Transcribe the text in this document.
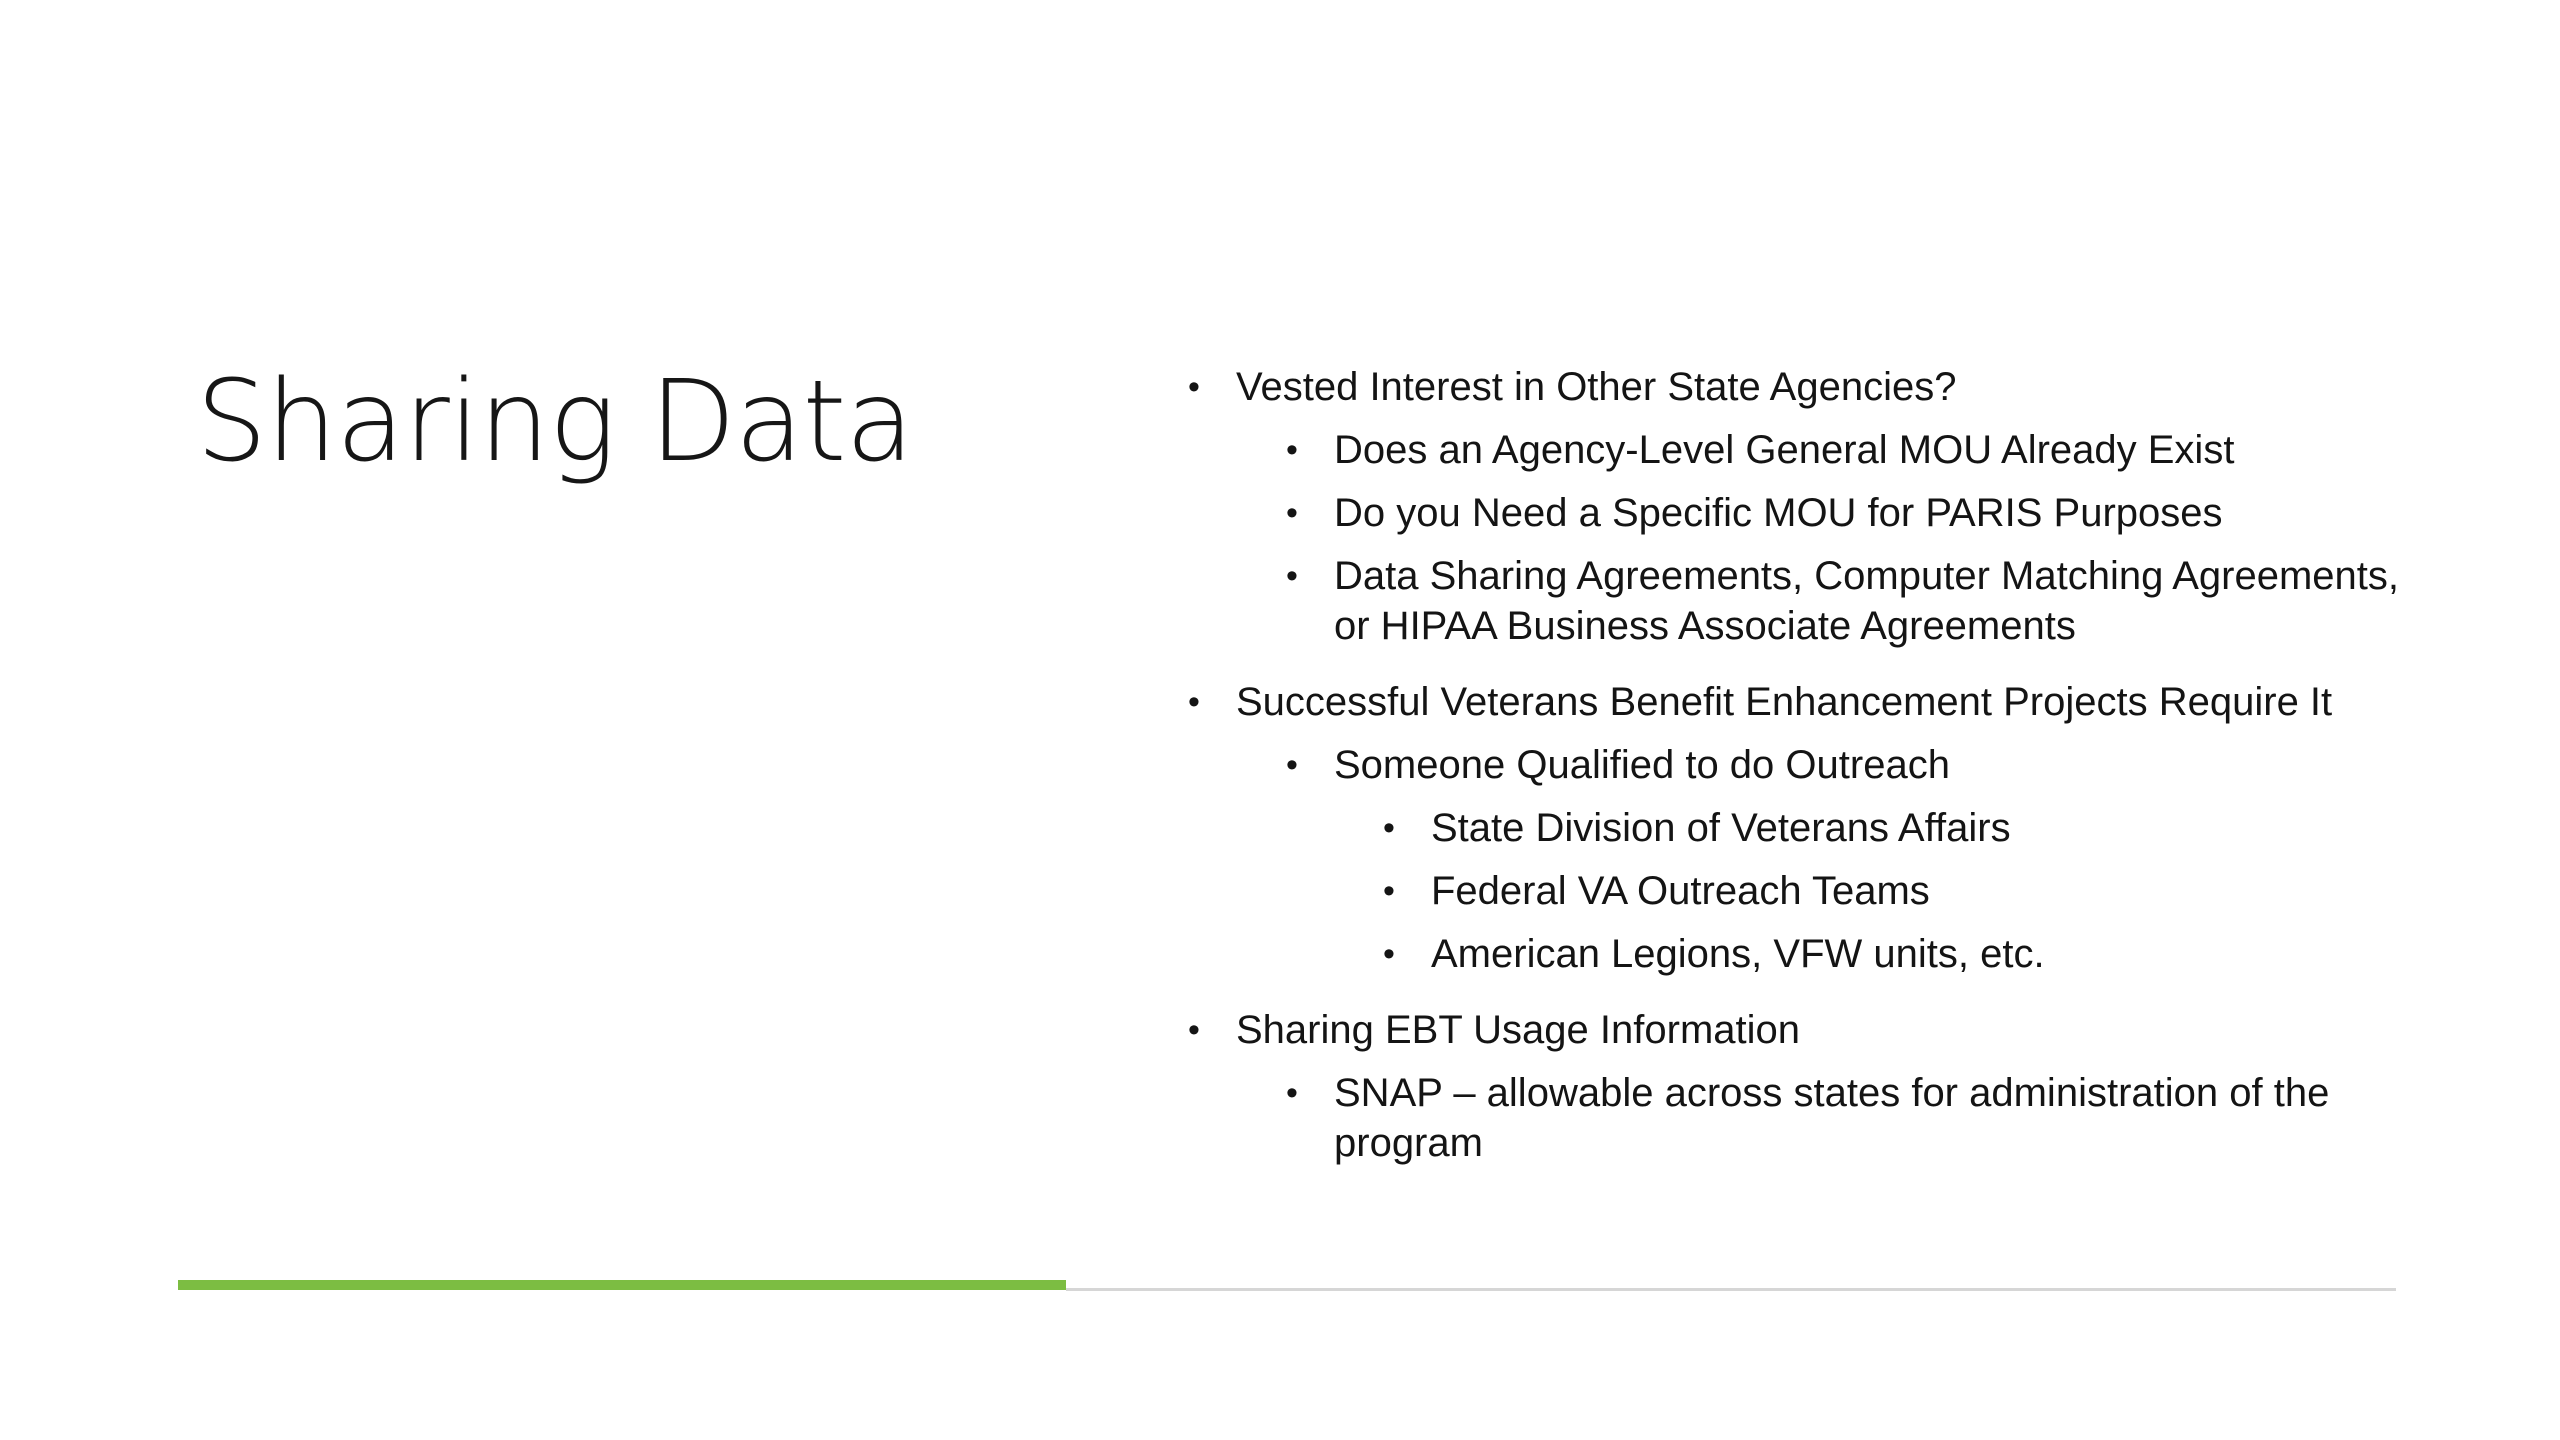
Sharing Data	• Vested Interest in Other State Agencies?
• Does an Agency-Level General MOU Already Exist
• Do you Need a Specific MOU for PARIS Purposes
• Data Sharing Agreements, Computer Matching Agreements, or HIPAA Business Associate Agreements
• Successful Veterans Benefit Enhancement Projects Require It
• Someone Qualified to do Outreach
• State Division of Veterans Affairs
• Federal VA Outreach Teams
• American Legions, VFW units, etc.
• Sharing EBT Usage Information
• SNAP – allowable across states for administration of the program
